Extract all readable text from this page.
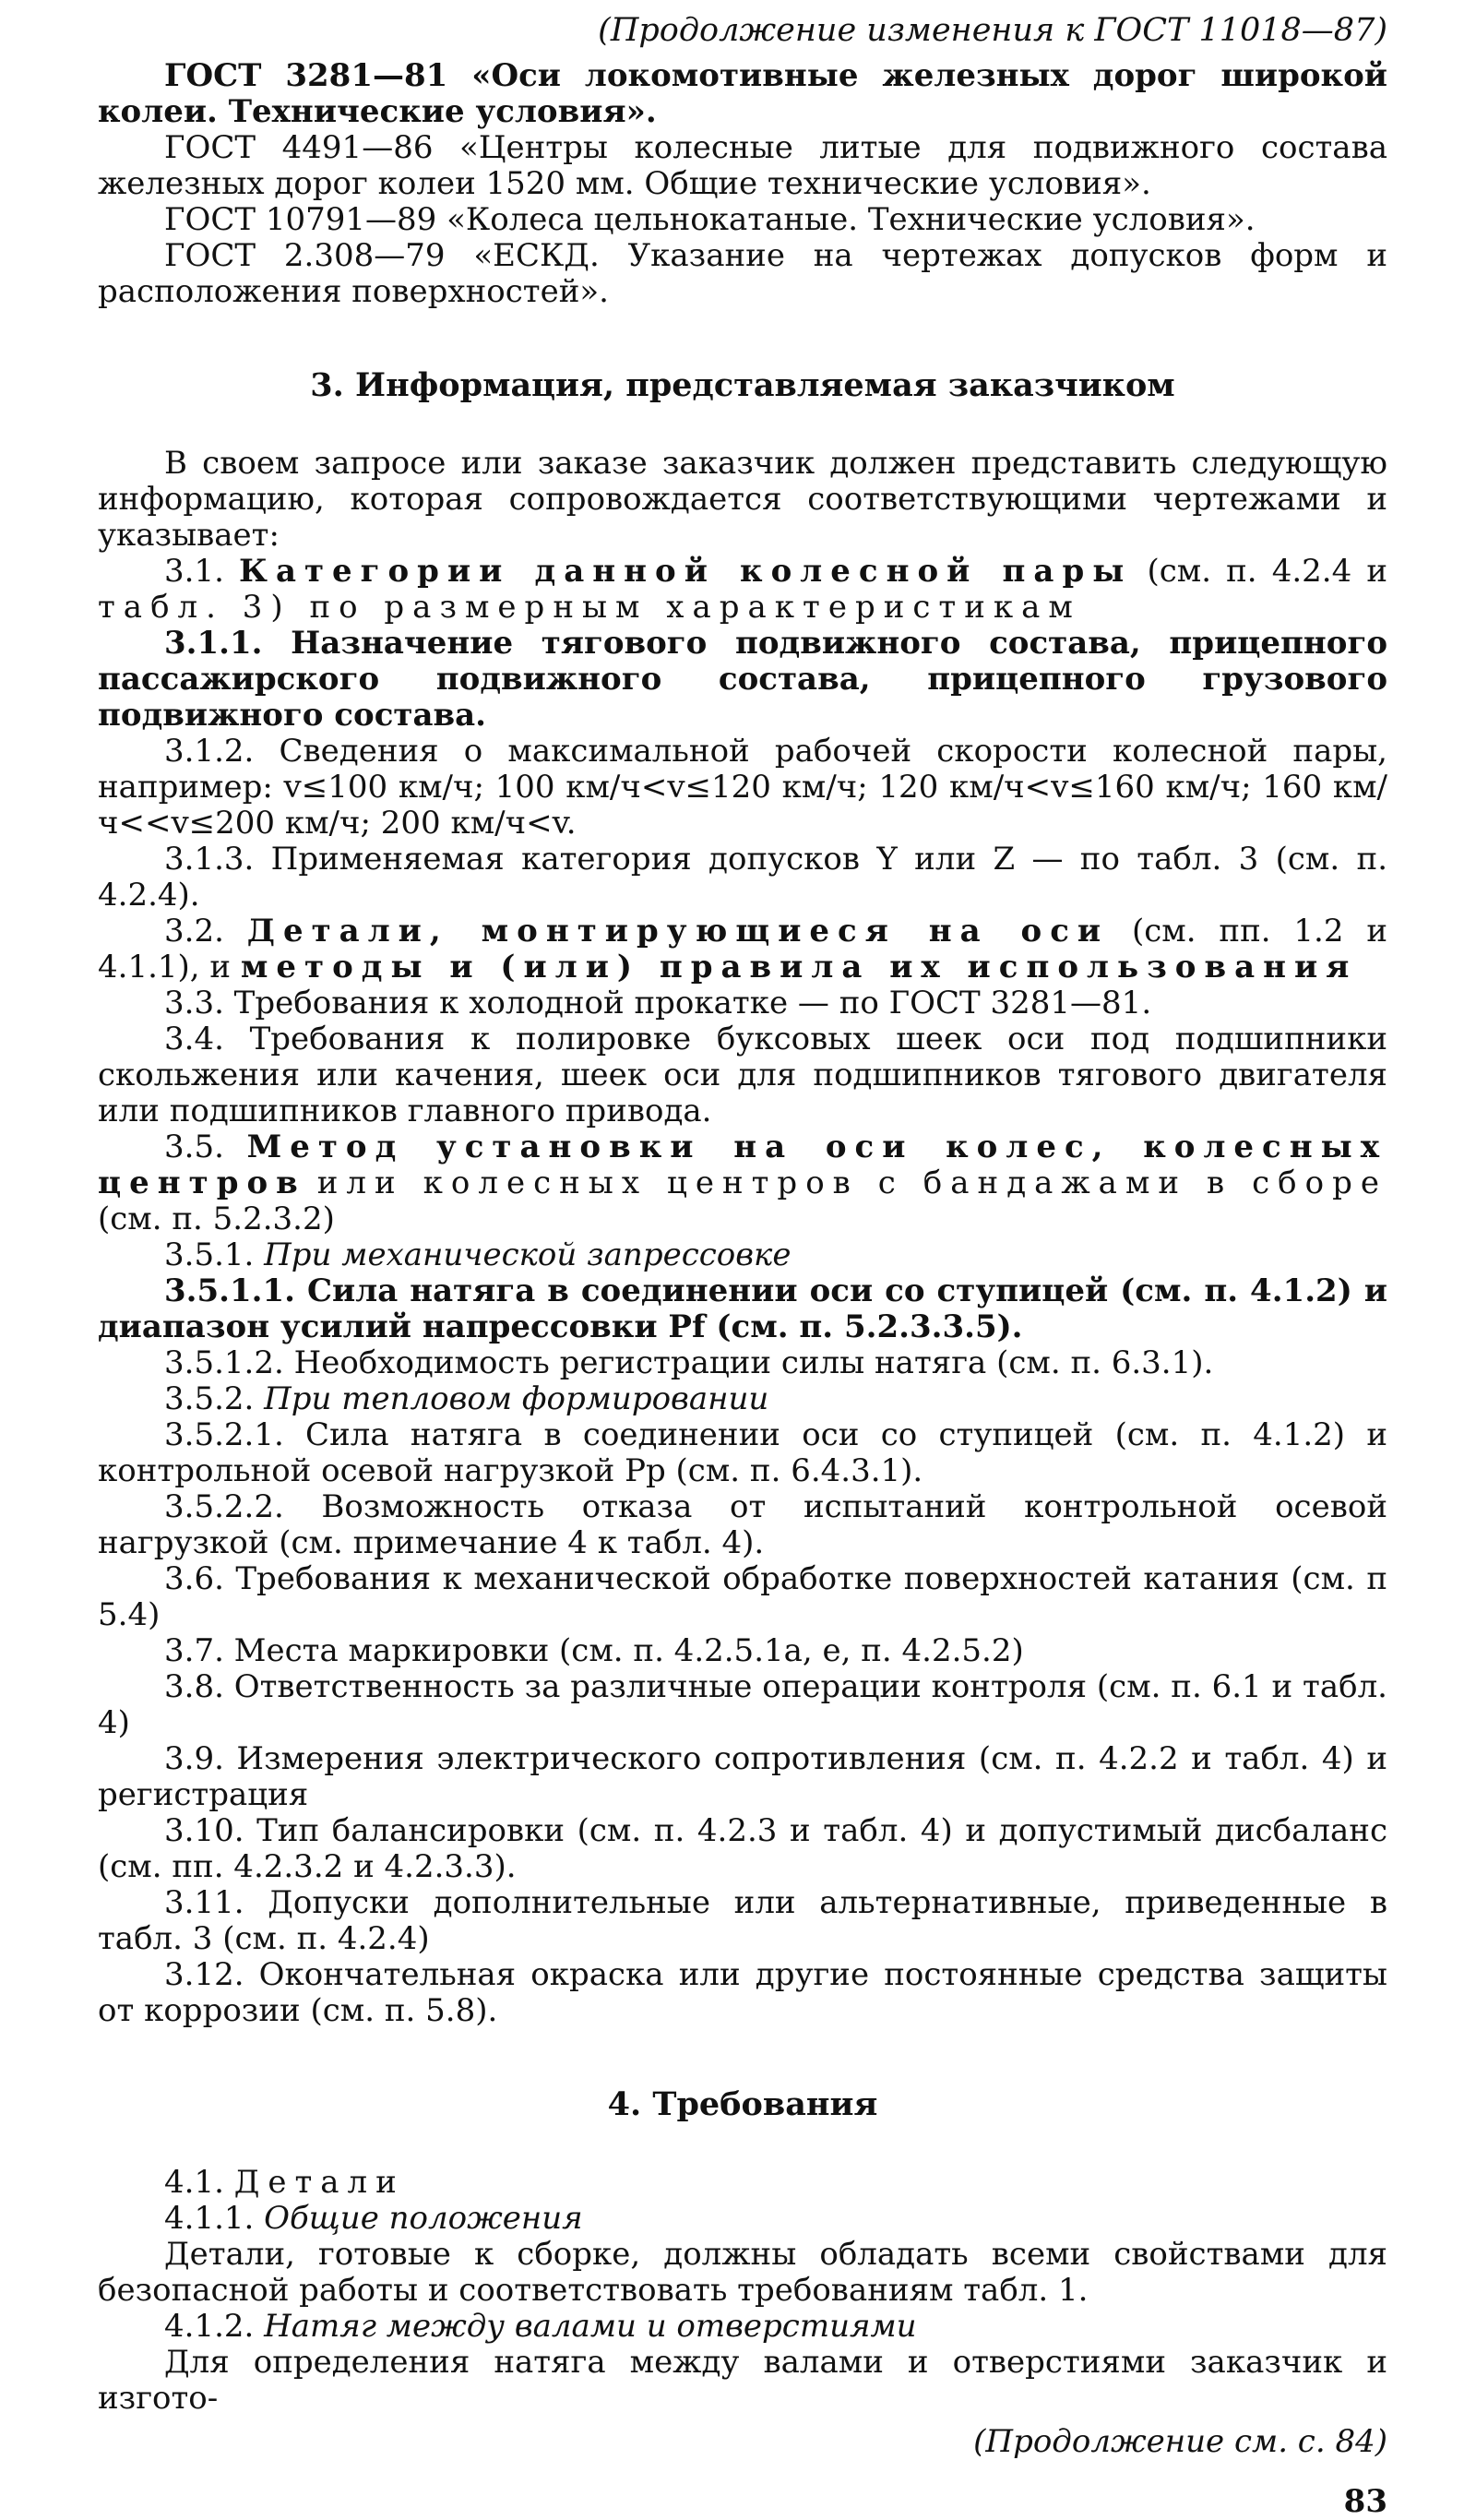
(Продолжение изменения к ГОСТ 11018—87)

ГОСТ 3281—81 «Оси локомотивные железных дорог широкой колеи. Технические условия».

ГОСТ 4491—86 «Центры колесные литые для подвижного состава железных дорог колеи 1520 мм. Общие технические условия».

ГОСТ 10791—89 «Колеса цельнокатаные. Технические условия».

ГОСТ 2.308—79 «ЕСКД. Указание на чертежах допусков форм и расположения поверхностей».

3. Информация, представляемая заказчиком

В своем запросе или заказе заказчик должен представить следующую информацию, которая сопровождается соответствующими чертежами и указывает:

3.1. Категории данной колесной пары (см. п. 4.2.4 и табл. 3) по размерным характеристикам

3.1.1. Назначение тягового подвижного состава, прицепного пассажирского подвижного состава, прицепного грузового подвижного состава.

3.1.2. Сведения о максимальной рабочей скорости колесной пары, например: v≤100 км/ч; 100 км/ч<v≤120 км/ч; 120 км/ч<v≤160 км/ч; 160 км/ч<<v≤200 км/ч; 200 км/ч<v.

3.1.3. Применяемая категория допусков Y или Z — по табл. 3 (см. п. 4.2.4).

3.2. Детали, монтирующиеся на оси (см. пп. 1.2 и 4.1.1), и методы и (или) правила их использования

3.3. Требования к холодной прокатке — по ГОСТ 3281—81.

3.4. Требования к полировке буксовых шеек оси под подшипники скольжения или качения, шеек оси для подшипников тягового двигателя или подшипников главного привода.

3.5. Метод установки на оси колес, колесных центров или колесных центров с бандажами в сборе (см. п. 5.2.3.2)

3.5.1. При механической запрессовке

3.5.1.1. Сила натяга в соединении оси со ступицей (см. п. 4.1.2) и диапазон усилий напрессовки Pf (см. п. 5.2.3.3.5).

3.5.1.2. Необходимость регистрации силы натяга (см. п. 6.3.1).

3.5.2. При тепловом формировании

3.5.2.1. Сила натяга в соединении оси со ступицей (см. п. 4.1.2) и контрольной осевой нагрузкой Pp (см. п. 6.4.3.1).

3.5.2.2. Возможность отказа от испытаний контрольной осевой нагрузкой (см. примечание 4 к табл. 4).

3.6. Требования к механической обработке поверхностей катания (см. п 5.4)

3.7. Места маркировки (см. п. 4.2.5.1а, е, п. 4.2.5.2)

3.8. Ответственность за различные операции контроля (см. п. 6.1 и табл. 4)

3.9. Измерения электрического сопротивления (см. п. 4.2.2 и табл. 4) и регистрация

3.10. Тип балансировки (см. п. 4.2.3 и табл. 4) и допустимый дисбаланс (см. пп. 4.2.3.2 и 4.2.3.3).

3.11. Допуски дополнительные или альтернативные, приведенные в табл. 3 (см. п. 4.2.4)

3.12. Окончательная окраска или другие постоянные средства защиты от коррозии (см. п. 5.8).

4. Требования

4.1. Детали

4.1.1. Общие положения

Детали, готовые к сборке, должны обладать всеми свойствами для безопасной работы и соответствовать требованиям табл. 1.

4.1.2. Натяг между валами и отверстиями

Для определения натяга между валами и отверстиями заказчик и изгото-

(Продолжение см. с. 84)
83
